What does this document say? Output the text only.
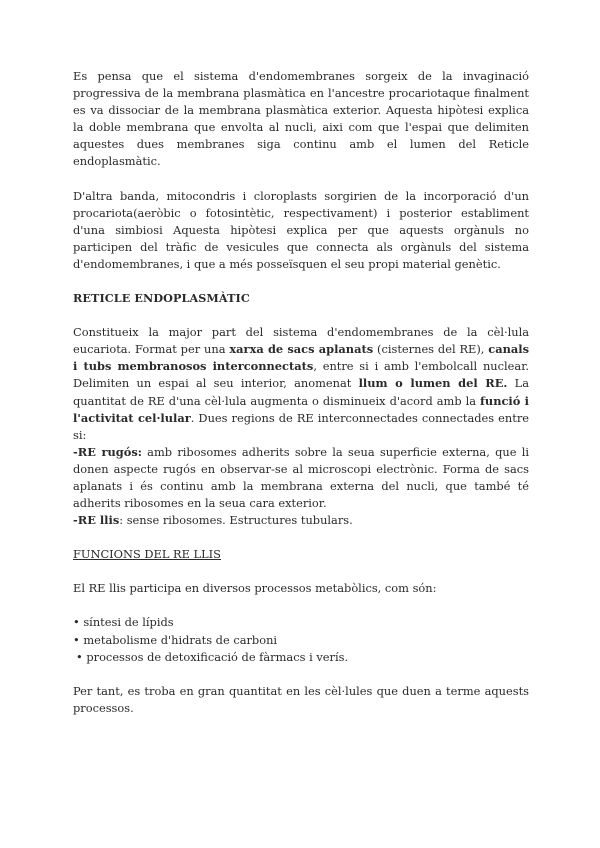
Es pensa que el sistema d'endomembranes sorgeix de la invaginació progressiva de la membrana plasmàtica en l'ancestre procariotaque finalment es va dissociar de la membrana plasmàtica exterior. Aquesta hipòtesi explica la doble membrana que envolta al nucli, aixi com que l'espai que delimiten aquestes dues membranes siga continu amb el lumen del Reticle endoplasmàtic.

D'altra banda, mitocondris i cloroplasts sorgirien de la incorporació d'un procariota(aeròbic o fotosintètic, respectivament) i posterior establiment d'una simbiosi Aquesta hipòtesi explica per que aquests orgànuls no participen del tràfic de vesicules que connecta als orgànuls del sistema d'endomembranes, i que a més posseïsquen el seu propi material genètic.

RETICLE ENDOPLASMÀTIC

Constitueix la major part del sistema d'endomembranes de la cèl·lula eucariota. Format per una xarxa de sacs aplanats (cisternes del RE), canals i tubs membranosos interconnectats, entre si i amb l'embolcall nuclear. Delimiten un espai al seu interior, anomenat llum o lumen del RE. La quantitat de RE d'una cèl·lula augmenta o disminueix d'acord amb la funció i l'activitat cel·lular. Dues regions de RE interconnectades connectades entre si:

-RE rugós: amb ribosomes adherits sobre la seua superficie externa, que li donen aspecte rugós en observar-se al microscopi electrònic. Forma de sacs aplanats i és continu amb la membrana externa del nucli, que també té adherits ribosomes en la seua cara exterior.

-RE llis: sense ribosomes. Estructures tubulars.

FUNCIONS DEL RE LLIS

El RE llis participa en diversos processos metabòlics, com són:

• síntesi de lípids
• metabolisme d'hidrats de carboni
• processos de detoxificació de fàrmacs i verís.

Per tant, es troba en gran quantitat en les cèl·lules que duen a terme aquests processos.
